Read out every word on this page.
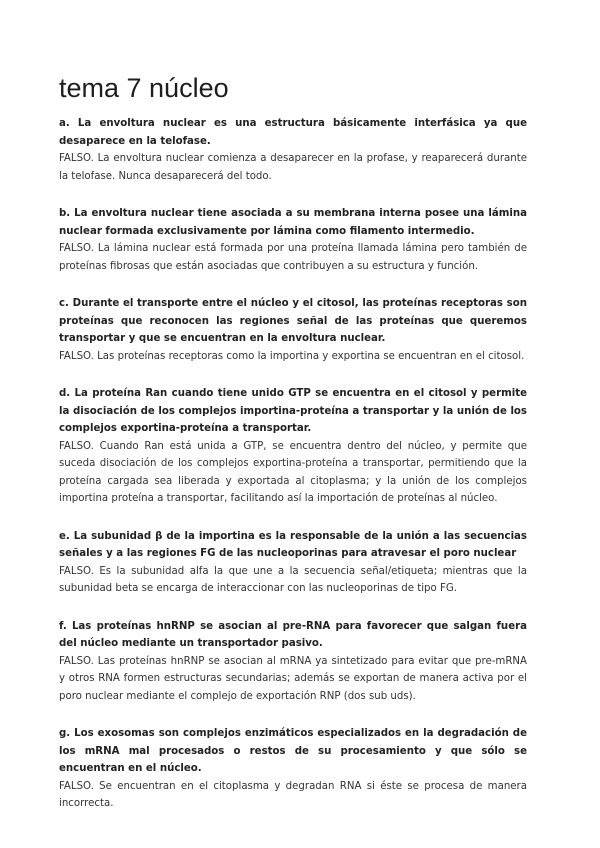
tema 7 núcleo

a. La envoltura nuclear es una estructura básicamente interfásica ya que desaparece en la telofase.

FALSO. La envoltura nuclear comienza a desaparecer en la profase, y reaparecerá durante la telofase. Nunca desaparecerá del todo.

b. La envoltura nuclear tiene asociada a su membrana interna posee una lámina nuclear formada exclusivamente por lámina como filamento intermedio.

FALSO. La lámina nuclear está formada por una proteína llamada lámina pero también de proteínas fibrosas que están asociadas que contribuyen a su estructura y función.

c. Durante el transporte entre el núcleo y el citosol, las proteínas receptoras son proteínas que reconocen las regiones señal de las proteínas que queremos transportar y que se encuentran en la envoltura nuclear.

FALSO. Las proteínas receptoras como la importina y exportina se encuentran en el citosol.

d. La proteína Ran cuando tiene unido GTP se encuentra en el citosol y permite la disociación de los complejos importina-proteína a transportar y la unión de los complejos exportina-proteína a transportar.

FALSO. Cuando Ran está unida a GTP, se encuentra dentro del núcleo, y permite que suceda disociación de los complejos exportina-proteína a transportar, permitiendo que la proteína cargada sea liberada y exportada al citoplasma; y la unión de los complejos importina proteína a transportar, facilitando así la importación de proteínas al núcleo.

e. La subunidad β de la importina es la responsable de la unión a las secuencias señales y a las regiones FG de las nucleoporinas para atravesar el poro nuclear

FALSO. Es la subunidad alfa la que une a la secuencia señal/etiqueta; mientras que la subunidad beta se encarga de interaccionar con las nucleoporinas de tipo FG.

f. Las proteínas hnRNP se asocian al pre-RNA para favorecer que salgan fuera del núcleo mediante un transportador pasivo.

FALSO. Las proteínas hnRNP se asocian al mRNA ya sintetizado para evitar que pre-mRNA y otros RNA formen estructuras secundarias; además se exportan de manera activa por el poro nuclear mediante el complejo de exportación RNP (dos sub uds).

g. Los exosomas son complejos enzimáticos especializados en la degradación de los mRNA mal procesados o restos de su procesamiento y que sólo se encuentran en el núcleo.

FALSO. Se encuentran en el citoplasma y degradan RNA si éste se procesa de manera incorrecta.
